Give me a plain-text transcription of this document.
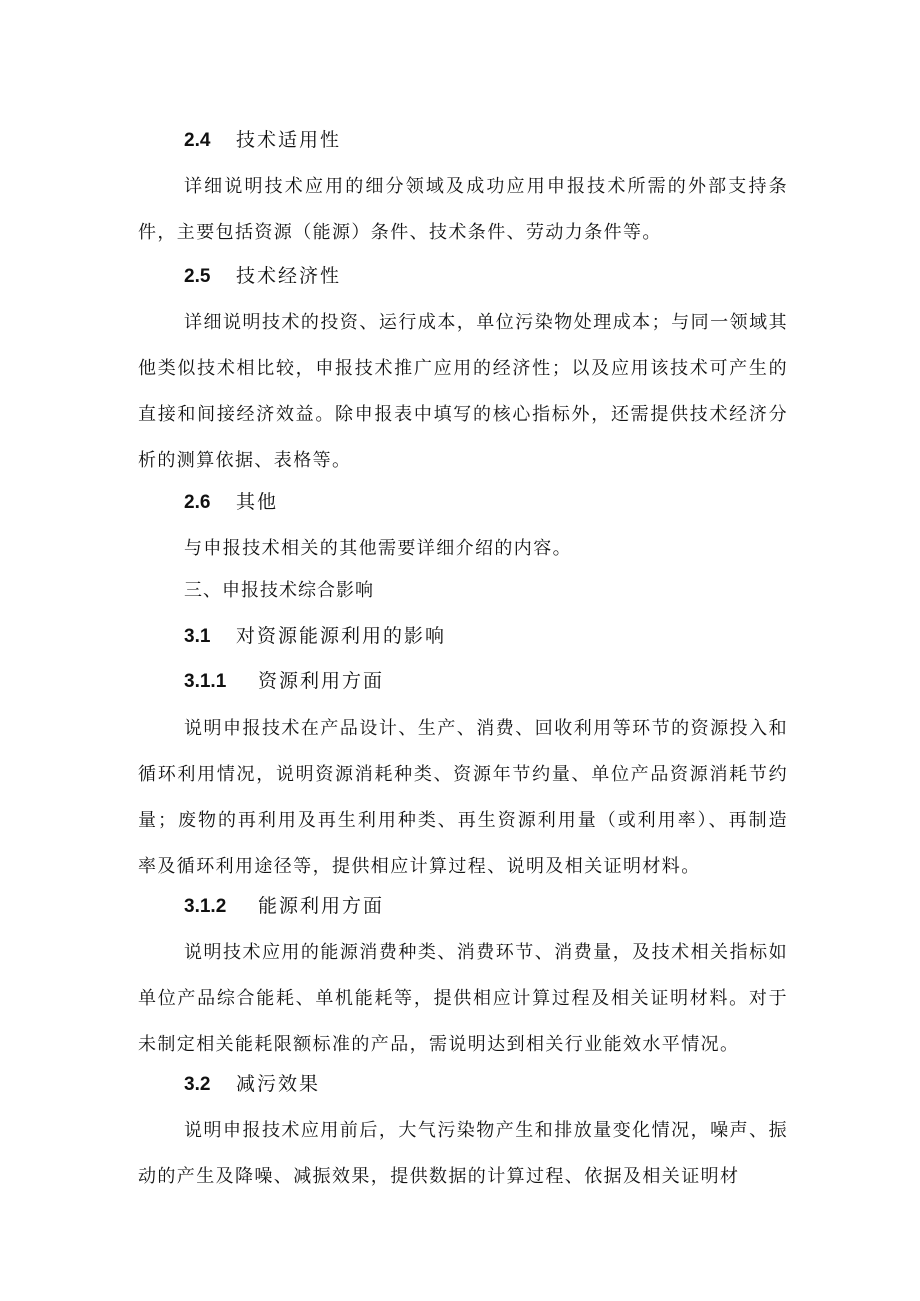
2.4 技术适用性

详细说明技术应用的细分领域及成功应用申报技术所需的外部支持条件，主要包括资源（能源）条件、技术条件、劳动力条件等。

2.5 技术经济性

详细说明技术的投资、运行成本，单位污染物处理成本；与同一领域其他类似技术相比较，申报技术推广应用的经济性；以及应用该技术可产生的直接和间接经济效益。除申报表中填写的核心指标外，还需提供技术经济分析的测算依据、表格等。

2.6 其他

与申报技术相关的其他需要详细介绍的内容。

三、申报技术综合影响
3.1 对资源能源利用的影响
3.1.1 资源利用方面

说明申报技术在产品设计、生产、消费、回收利用等环节的资源投入和循环利用情况，说明资源消耗种类、资源年节约量、单位产品资源消耗节约量；废物的再利用及再生利用种类、再生资源利用量（或利用率）、再制造率及循环利用途径等，提供相应计算过程、说明及相关证明材料。

3.1.2 能源利用方面

说明技术应用的能源消费种类、消费环节、消费量，及技术相关指标如单位产品综合能耗、单机能耗等，提供相应计算过程及相关证明材料。对于未制定相关能耗限额标准的产品，需说明达到相关行业能效水平情况。

3.2 减污效果

说明申报技术应用前后，大气污染物产生和排放量变化情况，噪声、振动的产生及降噪、减振效果，提供数据的计算过程、依据及相关证明材
